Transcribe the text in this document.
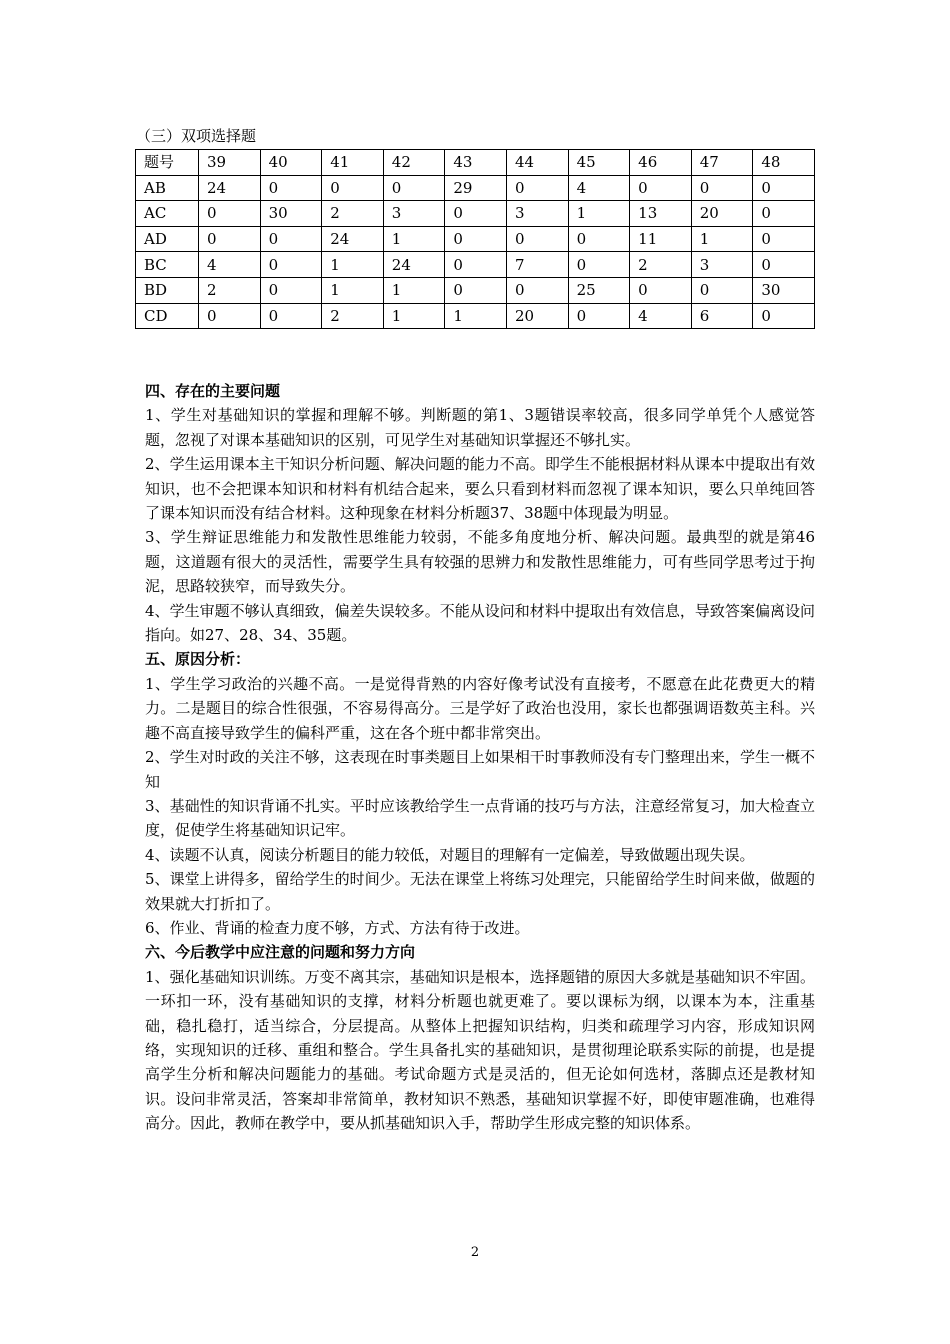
（三）双项选择题
题号	39	40	41	42	43	44	45	46	47	48
AB	24	0	0	0	29	0	4	0	0	0
AC	0	30	2	3	0	3	1	13	20	0
AD	0	0	24	1	0	0	0	11	1	0
BC	4	0	1	24	0	7	0	2	3	0
BD	2	0	1	1	0	0	25	0	0	30
CD	0	0	2	1	1	20	0	4	6	0
四、存在的主要问题

1、学生对基础知识的掌握和理解不够。判断题的第1、3题错误率较高，很多同学单凭个人感觉答题，忽视了对课本基础知识的区别，可见学生对基础知识掌握还不够扎实。

2、学生运用课本主干知识分析问题、解决问题的能力不高。即学生不能根据材料从课本中提取出有效知识，也不会把课本知识和材料有机结合起来，要么只看到材料而忽视了课本知识，要么只单纯回答了课本知识而没有结合材料。这种现象在材料分析题37、38题中体现最为明显。

3、学生辩证思维能力和发散性思维能力较弱，不能多角度地分析、解决问题。最典型的就是第46题，这道题有很大的灵活性，需要学生具有较强的思辨力和发散性思维能力，可有些同学思考过于拘泥，思路较狭窄，而导致失分。

4、学生审题不够认真细致，偏差失误较多。不能从设问和材料中提取出有效信息，导致答案偏离设问指向。如27、28、34、35题。

五、原因分析：

1、学生学习政治的兴趣不高。一是觉得背熟的内容好像考试没有直接考，不愿意在此花费更大的精力。二是题目的综合性很强，不容易得高分。三是学好了政治也没用，家长也都强调语数英主科。兴趣不高直接导致学生的偏科严重，这在各个班中都非常突出。

2、学生对时政的关注不够，这表现在时事类题目上如果相干时事教师没有专门整理出来，学生一概不知

3、基础性的知识背诵不扎实。平时应该教给学生一点背诵的技巧与方法，注意经常复习，加大检查立度，促使学生将基础知识记牢。

4、读题不认真，阅读分析题目的能力较低，对题目的理解有一定偏差，导致做题出现失误。

5、课堂上讲得多，留给学生的时间少。无法在课堂上将练习处理完，只能留给学生时间来做，做题的效果就大打折扣了。

6、作业、背诵的检查力度不够，方式、方法有待于改进。

六、今后教学中应注意的问题和努力方向

1、强化基础知识训练。万变不离其宗，基础知识是根本，选择题错的原因大多就是基础知识不牢固。一环扣一环，没有基础知识的支撑，材料分析题也就更难了。要以课标为纲，以课本为本，注重基础，稳扎稳打，适当综合，分层提高。从整体上把握知识结构，归类和疏理学习内容，形成知识网络，实现知识的迁移、重组和整合。学生具备扎实的基础知识，是贯彻理论联系实际的前提，也是提高学生分析和解决问题能力的基础。考试命题方式是灵活的，但无论如何选材，落脚点还是教材知识。设问非常灵活，答案却非常简单，教材知识不熟悉，基础知识掌握不好，即使审题准确，也难得高分。因此，教师在教学中，要从抓基础知识入手，帮助学生形成完整的知识体系。

2
